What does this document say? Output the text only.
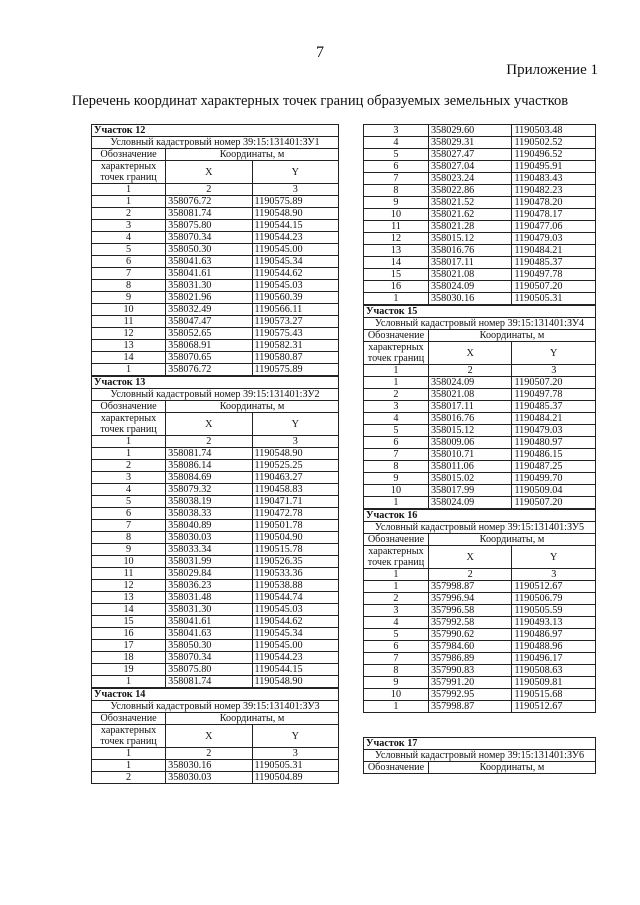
7
Приложение 1
Перечень координат характерных точек границ образуемых земельных участков
Участок 12		
Условный кадастровый номер 39:15:131401:ЗУ1		
Обозначение	Координаты, м	
характерных точек границ	X	Y
1	2	3
1	358076.72	1190575.89
2	358081.74	1190548.90
3	358075.80	1190544.15
4	358070.34	1190544.23
5	358050.30	1190545.00
6	358041.63	1190545.34
7	358041.61	1190544.62
8	358031.30	1190545.03
9	358021.96	1190560.39
10	358032.49	1190566.11
11	358047.47	1190573.27
12	358052.65	1190575.43
13	358068.91	1190582.31
14	358070.65	1190580.87
1	358076.72	1190575.89
Участок 13		
Условный кадастровый номер 39:15:131401:ЗУ2		
Обозначение	Координаты, м	
характерных точек границ	X	Y
1	2	3
1	358081.74	1190548.90
2	358086.14	1190525.25
3	358084.69	1190463.27
4	358079.32	1190458.83
5	358038.19	1190471.71
6	358038.33	1190472.78
7	358040.89	1190501.78
8	358030.03	1190504.90
9	358033.34	1190515.78
10	358031.99	1190526.35
11	358029.84	1190533.36
12	358036.23	1190538.88
13	358031.48	1190544.74
14	358031.30	1190545.03
15	358041.61	1190544.62
16	358041.63	1190545.34
17	358050.30	1190545.00
18	358070.34	1190544.23
19	358075.80	1190544.15
1	358081.74	1190548.90
Участок 14		
Условный кадастровый номер 39:15:131401:ЗУ3		
Обозначение	Координаты, м	
характерных точек границ	X	Y
1	2	3
1	358030.16	1190505.31
2	358030.03	1190504.89
3	358029.60	1190503.48
4	358029.31	1190502.52
5	358027.47	1190496.52
6	358027.04	1190495.91
7	358023.24	1190483.43
8	358022.86	1190482.23
9	358021.52	1190478.20
10	358021.62	1190478.17
11	358021.28	1190477.06
12	358015.12	1190479.03
13	358016.76	1190484.21
14	358017.11	1190485.37
15	358021.08	1190497.78
16	358024.09	1190507.20
1	358030.16	1190505.31
Участок 15		
Условный кадастровый номер 39:15:131401:ЗУ4		
Обозначение	Координаты, м	
характерных точек границ	X	Y
1	2	3
1	358024.09	1190507.20
2	358021.08	1190497.78
3	358017.11	1190485.37
4	358016.76	1190484.21
5	358015.12	1190479.03
6	358009.06	1190480.97
7	358010.71	1190486.15
8	358011.06	1190487.25
9	358015.02	1190499.70
10	358017.99	1190509.04
1	358024.09	1190507.20
Участок 16		
Условный кадастровый номер 39:15:131401:ЗУ5		
Обозначение	Координаты, м	
характерных точек границ	X	Y
1	2	3
1	357998.87	1190512.67
2	357996.94	1190506.79
3	357996.58	1190505.59
4	357992.58	1190493.13
5	357990.62	1190486.97
6	357984.60	1190488.96
7	357986.89	1190496.17
8	357990.83	1190508.63
9	357991.20	1190509.81
10	357992.95	1190515.68
1	357998.87	1190512.67
Участок 17
Условный кадастровый номер 39:15:131401:ЗУ6
Обозначение	Координаты, м
